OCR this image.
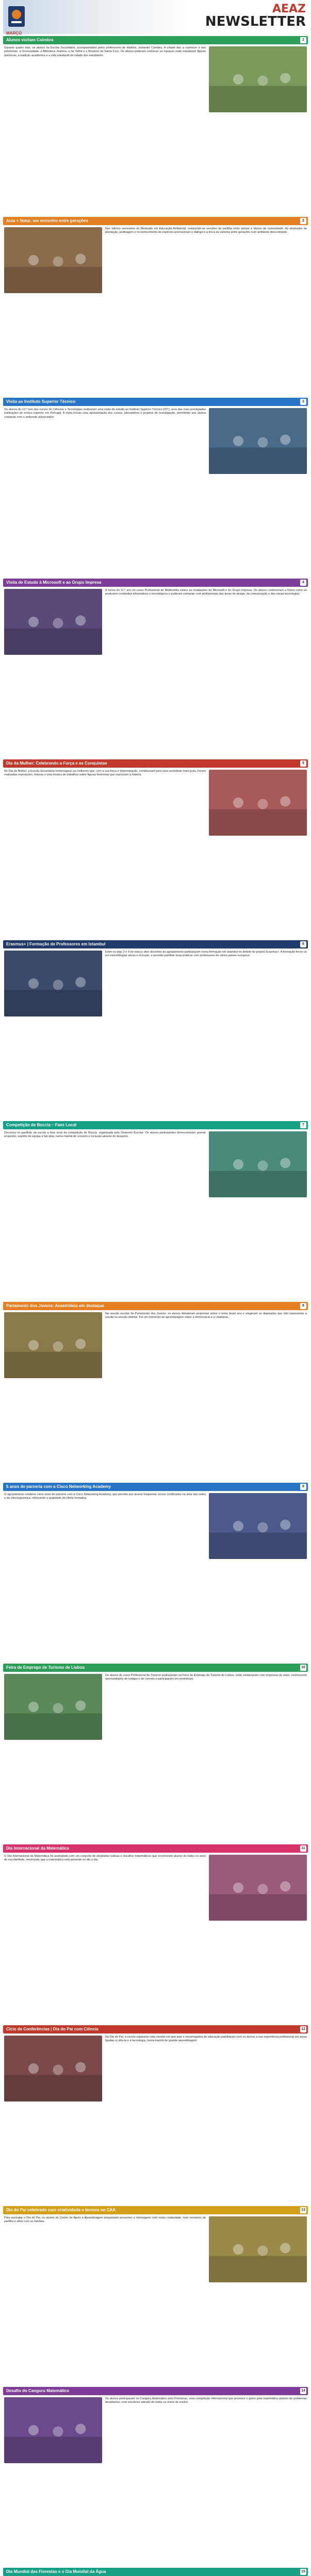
AEAZ
NEWSLETTER
MARÇO
Alunos visitam Coimbra	1

Durante quatro dias, os alunos da Escola Secundária, acompanhados pelos professores de História, visitaram Coimbra. A cidade deu a conhecer o seu património: a Universidade, a Biblioteca Joanina, a Sé Velha e o Mosteiro de Santa Cruz. Os alunos puderam conhecer os espaços onde estudaram figuras históricas, a tradição académica e a vida estudantil da cidade dos estudantes.

Aula + Natur, um encontro entre gerações	2

Nos últimos semestres do Mestrado em Educação Ambiental, realizaram-se sessões de partilha entre alunos e idosos da comunidade. As atividades de plantação, jardinagem e reconhecimento de espécies promoveram o diálogo e a troca de saberes entre gerações num ambiente descontraído.

Visita ao Instituto Superior Técnico	3

Os alunos do 12.º ano dos cursos de Ciências e Tecnologias realizaram uma visita de estudo ao Instituto Superior Técnico (IST), uma das mais prestigiadas instituições de ensino superior em Portugal. A visita incluiu uma apresentação dos cursos, laboratórios e projetos de investigação, permitindo aos alunos contactar com o ambiente universitário.

Visita de Estudo à Microsoft e ao Grupo Impresa	4

A turma do 11.º ano do curso Profissional de Multimédia visitou as instalações da Microsoft e do Grupo Impresa. Os alunos conheceram a forma como se produzem conteúdos informativos e tecnológicos e puderam contactar com profissionais das áreas do design, da comunicação e das novas tecnologias.

Dia da Mulher: Celebrando a Força e as Conquistas	5

No Dia da Mulher, a Escola Secundária homenageou as mulheres que, com a sua força e determinação, contribuíram para uma sociedade mais justa. Foram realizadas exposições, leituras e uma mostra de trabalhos sobre figuras femininas que marcaram a história.

Erasmus+ | Formação de Professores em Istambul	6

Entre os dias 3 e 9 de março, dois docentes do agrupamento participaram numa formação em Istambul no âmbito do projeto Erasmus+. A formação focou-se em metodologias ativas e inclusão, e permitiu partilhar boas práticas com professores de vários países europeus.

Competição de Boccia – Fase Local	7

Decorreu no pavilhão da escola a fase local da competição de Boccia, organizada pelo Desporto Escolar. Os alunos participantes demonstraram grande empenho, espírito de equipa e fair-play, numa manhã de convívio e inclusão através do desporto.

Parlamento dos Jovens: Assembleia em destaque	8

Na sessão escolar do Parlamento dos Jovens, os alunos debateram propostas sobre o tema deste ano e elegeram os deputados que irão representar a escola na sessão distrital. Foi um momento de aprendizagem sobre a democracia e a cidadania.

5 anos de parceria com a Cisco Networking Academy	9

O agrupamento celebrou cinco anos de parceria com a Cisco Networking Academy, que permite aos alunos frequentar cursos certificados na área das redes e da cibersegurança, reforçando a qualidade da oferta formativa.

Feira de Emprego de Turismo de Lisboa	10

Os alunos do curso Profissional de Turismo participaram na Feira de Emprego de Turismo de Lisboa, onde contactaram com empresas do setor, conheceram oportunidades de estágio e de carreira e participaram em workshops.

Dia Internacional da Matemática	11

O Dia Internacional da Matemática foi assinalado com um conjunto de atividades lúdicas e desafios matemáticos que envolveram alunos de todos os anos de escolaridade, mostrando que a matemática está presente no dia a dia.

Ciclo de Conferências | Dia do Pai com Ciência	12

No Dia do Pai, a escola organizou uma sessão em que pais e encarregados de educação partilharam com os alunos a sua experiência profissional em áreas ligadas à ciência e à tecnologia, numa manhã de grande aprendizagem.

Dia do Pai celebrado com criatividade e ternura no CAA	13

Para assinalar o Dia do Pai, os alunos do Centro de Apoio à Aprendizagem prepararam presentes e mensagens com muita criatividade, num momento de partilha e afeto com as famílias.

Desafio do Canguru Matemático	14

Os alunos participaram no Canguru Matemático sem Fronteiras, uma competição internacional que promove o gosto pela matemática através de problemas desafiantes, com excelente adesão de todos os níveis de ensino.

Dia Mundial das Florestas e o Dia Mundial da Água	15
